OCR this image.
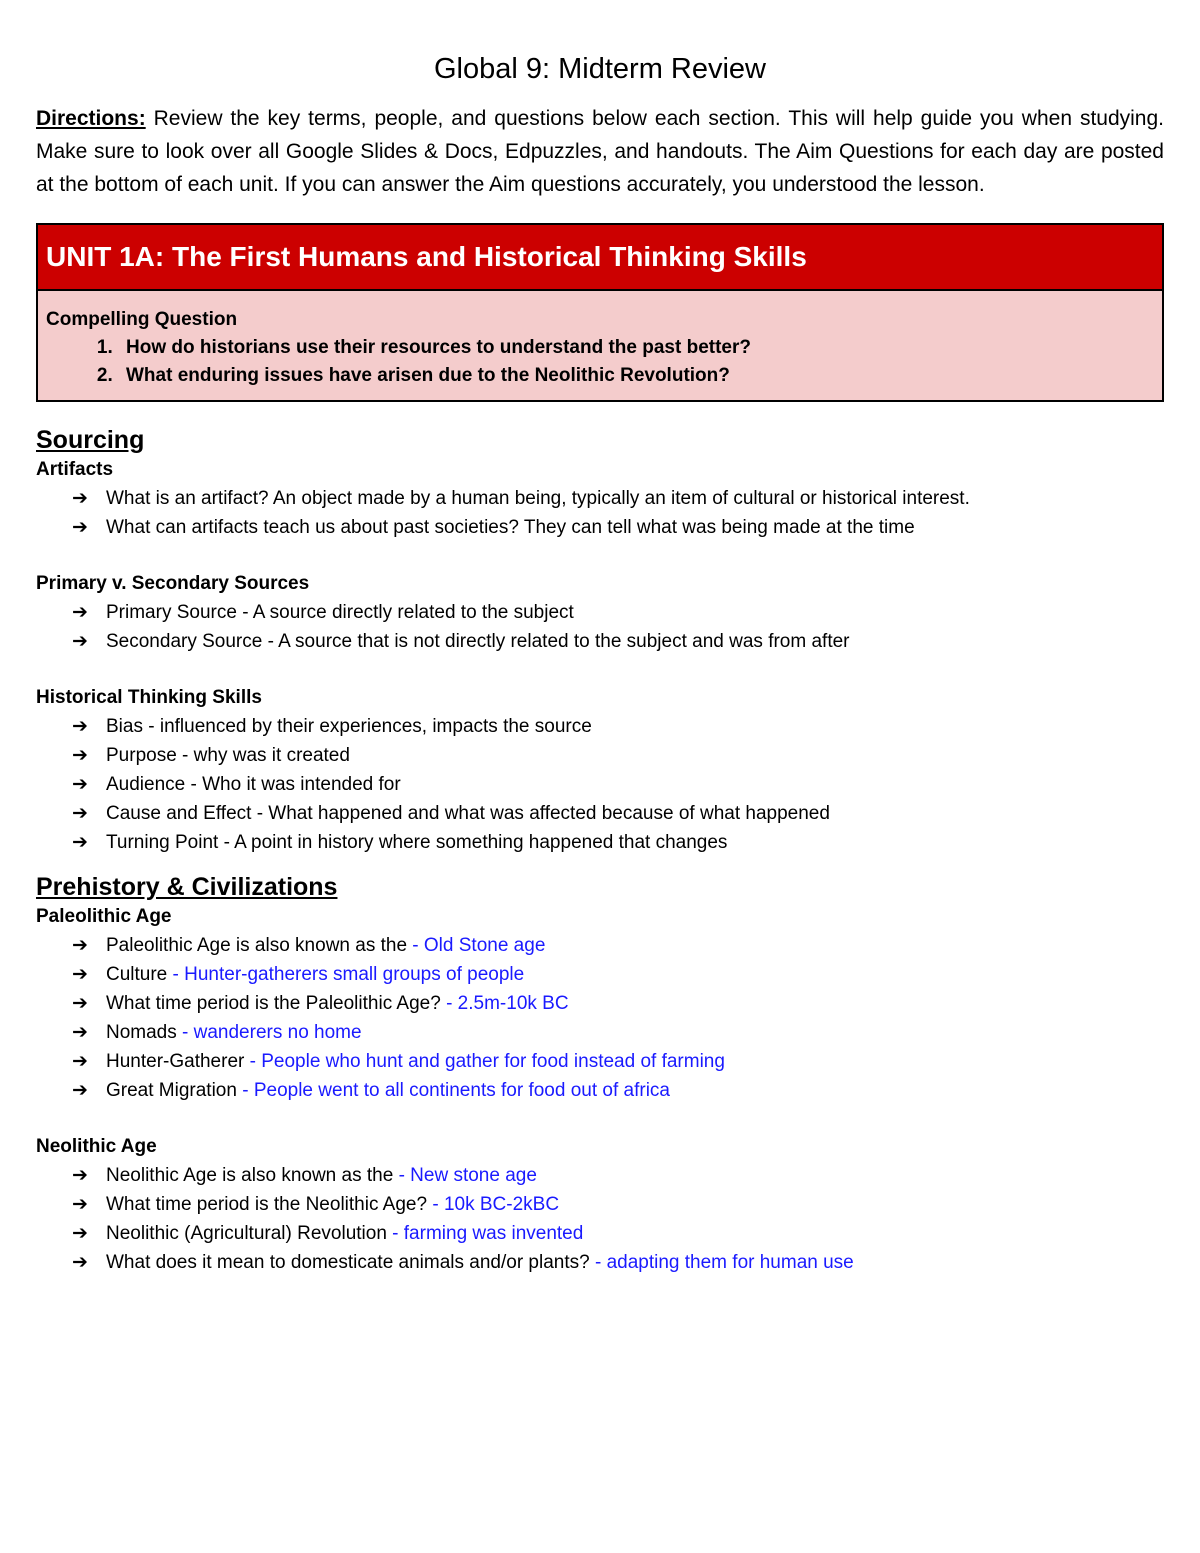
Global 9: Midterm Review
Directions: Review the key terms, people, and questions below each section. This will help guide you when studying. Make sure to look over all Google Slides & Docs, Edpuzzles, and handouts. The Aim Questions for each day are posted at the bottom of each unit. If you can answer the Aim questions accurately, you understood the lesson.
UNIT 1A: The First Humans and Historical Thinking Skills
Compelling Question
1. How do historians use their resources to understand the past better?
2. What enduring issues have arisen due to the Neolithic Revolution?
Sourcing
Artifacts
➔ What is an artifact? An object made by a human being, typically an item of cultural or historical interest.
➔ What can artifacts teach us about past societies? They can tell what was being made at the time
Primary v. Secondary Sources
➔ Primary Source - A source directly related to the subject
➔ Secondary Source - A source that is not directly related to the subject and was from after
Historical Thinking Skills
➔ Bias - influenced by their experiences, impacts the source
➔ Purpose - why was it created
➔ Audience - Who it was intended for
➔ Cause and Effect - What happened and what was affected because of what happened
➔ Turning Point - A point in history where something happened that changes
Prehistory & Civilizations
Paleolithic Age
➔ Paleolithic Age is also known as the - Old Stone age
➔ Culture - Hunter-gatherers small groups of people
➔ What time period is the Paleolithic Age? - 2.5m-10k BC
➔ Nomads - wanderers no home
➔ Hunter-Gatherer - People who hunt and gather for food instead of farming
➔ Great Migration - People went to all continents for food out of africa
Neolithic Age
➔ Neolithic Age is also known as the - New stone age
➔ What time period is the Neolithic Age? - 10k BC-2kBC
➔ Neolithic (Agricultural) Revolution - farming was invented
➔ What does it mean to domesticate animals and/or plants? - adapting them for human use
